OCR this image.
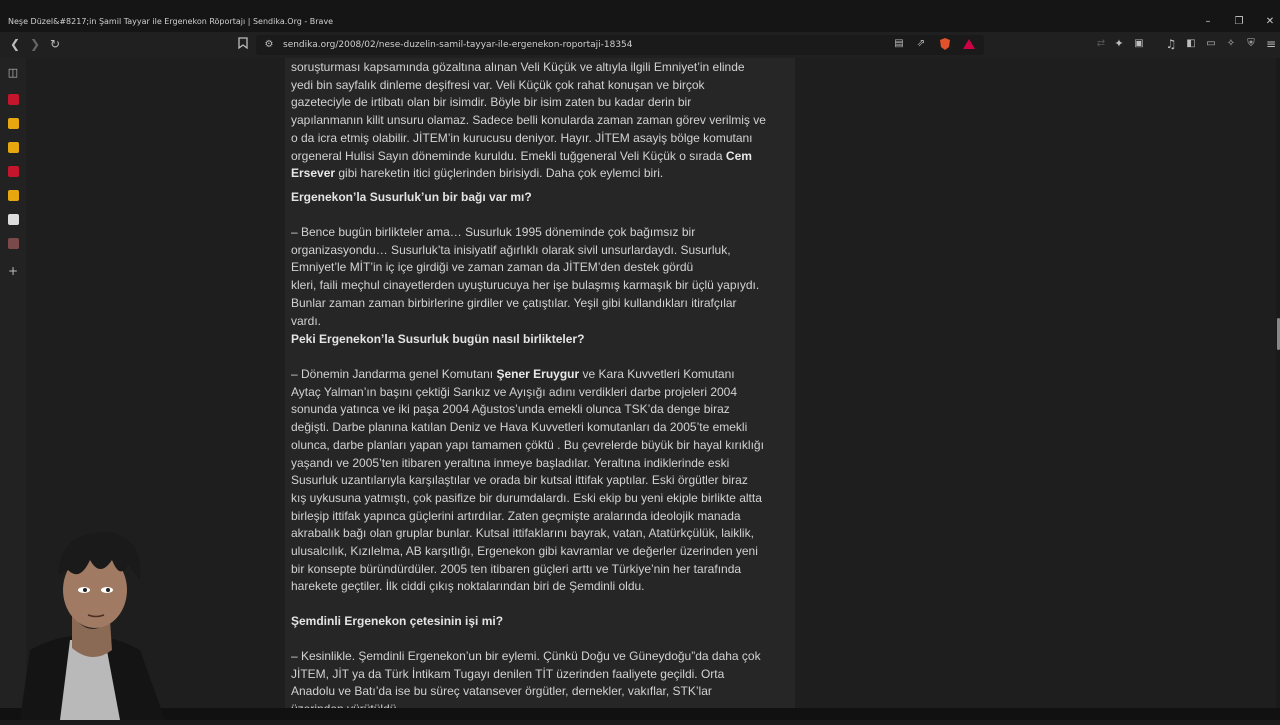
Neşe Düzel&#8217;in Şamil Tayyar ile Ergenekon Röportajı | Sendika.Org - Brave	–	❐	✕
❮ ❯ ↻	⚙ sendika.org/2008/02/nese-duzelin-samil-tayyar-ile-ergenekon-roportaji-18354	▤ ⇗	⇄ ✦ ▣ ♫ ◧ ▭ ✧	⛨ ≡
◫
+

soruşturması kapsamında gözaltına alınan Veli Küçük ve altıyla ilgili Emniyet’in elinde yedi bin sayfalık dinleme deşifresi var. Veli Küçük çok rahat konuşan ve birçok gazeteciyle de irtibatı olan bir isimdir. Böyle bir isim zaten bu kadar derin bir yapılanmanın kilit unsuru olamaz. Sadece belli konularda zaman zaman görev verilmiş ve o da icra etmiş olabilir. JİTEM’in kurucusu deniyor. Hayır. JİTEM asayiş bölge komutanı orgeneral Hulisi Sayın döneminde kuruldu. Emekli tuğgeneral Veli Küçük o sırada Cem Ersever gibi hareketin itici güçlerinden birisiydi. Daha çok eylemci biri.

Ergenekon’la Susurluk’un bir bağı var mı?

– Bence bugün birlikteler ama… Susurluk 1995 döneminde çok bağımsız bir

organizasyondu… Susurluk’ta inisiyatif ağırlıklı olarak sivil unsurlardaydı. Susurluk,

Emniyet’le MİT’in iç içe girdiği ve zaman zaman da JİTEM’den destek gördü

kleri, faili meçhul cinayetlerden uyuşturucuya her işe bulaşmış karmaşık bir üçlü yapıydı.

Bunlar zaman zaman birbirlerine girdiler ve çatıştılar. Yeşil gibi kullandıkları itirafçılar vardı.

Peki Ergenekon’la Susurluk bugün nasıl birlikteler?

– Dönemin Jandarma genel Komutanı Şener Eruygur ve Kara Kuvvetleri Komutanı Aytaç Yalman’ın başını çektiği Sarıkız ve Ayışığı adını verdikleri darbe projeleri 2004 sonunda yatınca ve iki paşa 2004 Ağustos’unda emekli olunca TSK’da denge biraz değişti. Darbe planına katılan Deniz ve Hava Kuvvetleri komutanları da 2005’te emekli olunca, darbe planları yapan yapı tamamen çöktü . Bu çevrelerde büyük bir hayal kırıklığı yaşandı ve 2005’ten itibaren yeraltına inmeye başladılar. Yeraltına indiklerinde eski Susurluk uzantılarıyla karşılaştılar ve orada bir kutsal ittifak yaptılar. Eski örgütler biraz kış uykusuna yatmıştı, çok pasifize bir durumdalardı. Eski ekip bu yeni ekiple birlikte altta birleşip ittifak yapınca güçlerini artırdılar. Zaten geçmişte aralarında ideolojik manada akrabalık bağı olan gruplar bunlar. Kutsal ittifaklarını bayrak, vatan, Atatürkçülük, laiklik, ulusalcılık, Kızılelma, AB karşıtlığı, Ergenekon gibi kavramlar ve değerler üzerinden yeni bir konsepte büründürdüler. 2005 ten itibaren güçleri arttı ve Türkiye’nin her tarafında harekete geçtiler. İlk ciddi çıkış noktalarından biri de Şemdinli oldu.

Şemdinli Ergenekon çetesinin işi mi?

– Kesinlikle. Şemdinli Ergenekon’un bir eylemi. Çünkü Doğu ve Güneydoğu”da daha çok JİTEM, JİT ya da Türk İntikam Tugayı denilen TİT üzerinden faaliyete geçildi. Orta Anadolu ve Batı’da ise bu süreç vatansever örgütler, dernekler, vakıflar, STK’lar
